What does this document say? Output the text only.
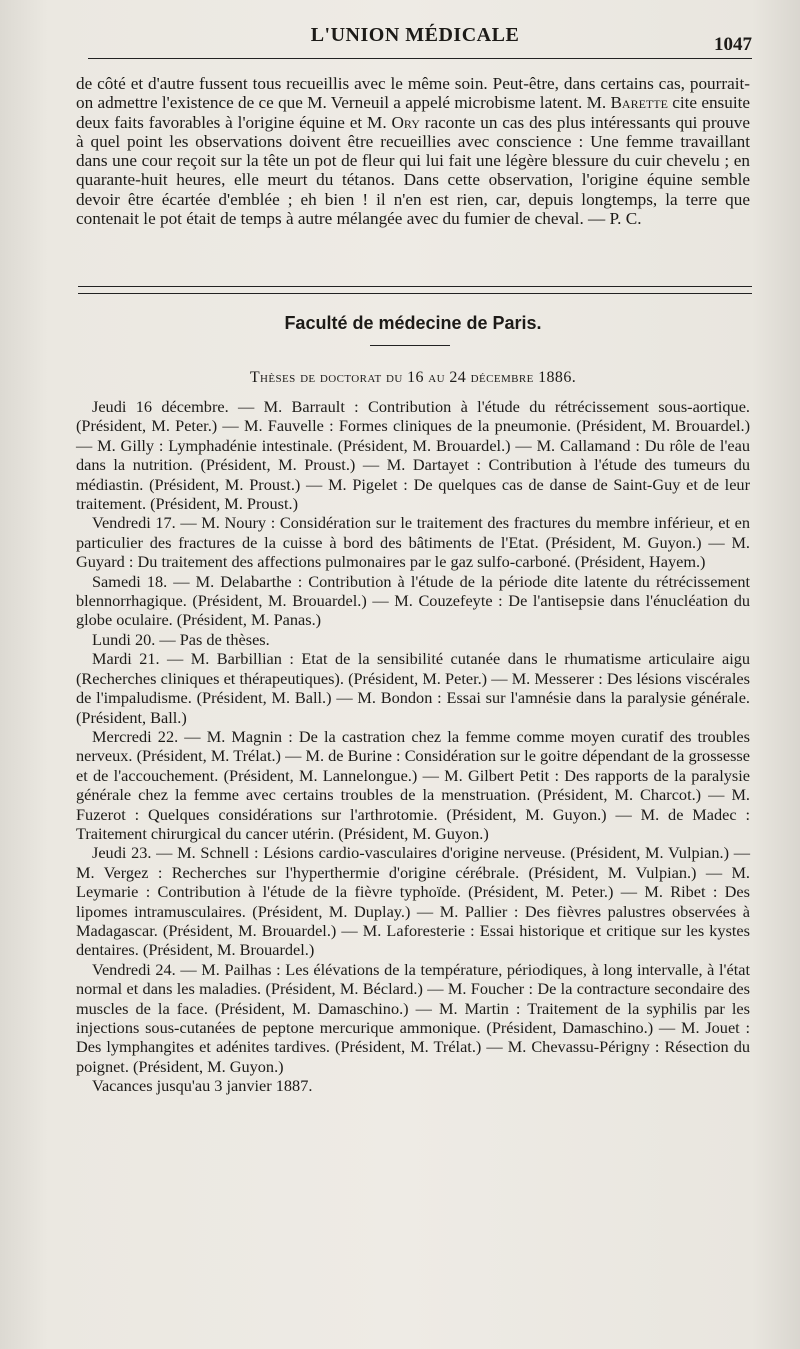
L'UNION MÉDICALE	1047

de côté et d'autre fussent tous recueillis avec le même soin. Peut-être, dans certains cas, pourrait-on admettre l'existence de ce que M. Verneuil a appelé microbisme latent. M. Barette cite ensuite deux faits favorables à l'origine équine et M. Ory raconte un cas des plus intéressants qui prouve à quel point les observations doivent être recueillies avec conscience : Une femme travaillant dans une cour reçoit sur la tête un pot de fleur qui lui fait une légère blessure du cuir chevelu ; en quarante-huit heures, elle meurt du tétanos. Dans cette observation, l'origine équine semble devoir être écartée d'emblée ; eh bien ! il n'en est rien, car, depuis longtemps, la terre que contenait le pot était de temps à autre mélangée avec du fumier de cheval. — P. C.

Faculté de médecine de Paris.
Thèses de doctorat du 16 au 24 décembre 1886.

Jeudi 16 décembre. — M. Barrault : Contribution à l'étude du rétrécissement sous-aortique. (Président, M. Peter.) — M. Fauvelle : Formes cliniques de la pneumonie. (Président, M. Brouardel.) — M. Gilly : Lymphadénie intestinale. (Président, M. Brouardel.) — M. Callamand : Du rôle de l'eau dans la nutrition. (Président, M. Proust.) — M. Dartayet : Contribution à l'étude des tumeurs du médiastin. (Président, M. Proust.) — M. Pigelet : De quelques cas de danse de Saint-Guy et de leur traitement. (Président, M. Proust.)

Vendredi 17. — M. Noury : Considération sur le traitement des fractures du membre inférieur, et en particulier des fractures de la cuisse à bord des bâtiments de l'Etat. (Président, M. Guyon.) — M. Guyard : Du traitement des affections pulmonaires par le gaz sulfo-carboné. (Président, Hayem.)

Samedi 18. — M. Delabarthe : Contribution à l'étude de la période dite latente du rétrécissement blennorrhagique. (Président, M. Brouardel.) — M. Couzefeyte : De l'antisepsie dans l'énucléation du globe oculaire. (Président, M. Panas.)

Lundi 20. — Pas de thèses.

Mardi 21. — M. Barbillian : Etat de la sensibilité cutanée dans le rhumatisme articulaire aigu (Recherches cliniques et thérapeutiques). (Président, M. Peter.) — M. Messerer : Des lésions viscérales de l'impaludisme. (Président, M. Ball.) — M. Bondon : Essai sur l'amnésie dans la paralysie générale. (Président, Ball.)

Mercredi 22. — M. Magnin : De la castration chez la femme comme moyen curatif des troubles nerveux. (Président, M. Trélat.) — M. de Burine : Considération sur le goitre dépendant de la grossesse et de l'accouchement. (Président, M. Lannelongue.) — M. Gilbert Petit : Des rapports de la paralysie générale chez la femme avec certains troubles de la menstruation. (Président, M. Charcot.) — M. Fuzerot : Quelques considérations sur l'arthrotomie. (Président, M. Guyon.) — M. de Madec : Traitement chirurgical du cancer utérin. (Président, M. Guyon.)

Jeudi 23. — M. Schnell : Lésions cardio-vasculaires d'origine nerveuse. (Président, M. Vulpian.) — M. Vergez : Recherches sur l'hyperthermie d'origine cérébrale. (Président, M. Vulpian.) — M. Leymarie : Contribution à l'étude de la fièvre typhoïde. (Président, M. Peter.) — M. Ribet : Des lipomes intramusculaires. (Président, M. Duplay.) — M. Pallier : Des fièvres palustres observées à Madagascar. (Président, M. Brouardel.) — M. Laforesterie : Essai historique et critique sur les kystes dentaires. (Président, M. Brouardel.)

Vendredi 24. — M. Pailhas : Les élévations de la température, périodiques, à long intervalle, à l'état normal et dans les maladies. (Président, M. Béclard.) — M. Foucher : De la contracture secondaire des muscles de la face. (Président, M. Damaschino.) — M. Martin : Traitement de la syphilis par les injections sous-cutanées de peptone mercurique ammonique. (Président, Damaschino.) — M. Jouet : Des lymphangites et adénites tardives. (Président, M. Trélat.) — M. Chevassu-Périgny : Résection du poignet. (Président, M. Guyon.)

Vacances jusqu'au 3 janvier 1887.
